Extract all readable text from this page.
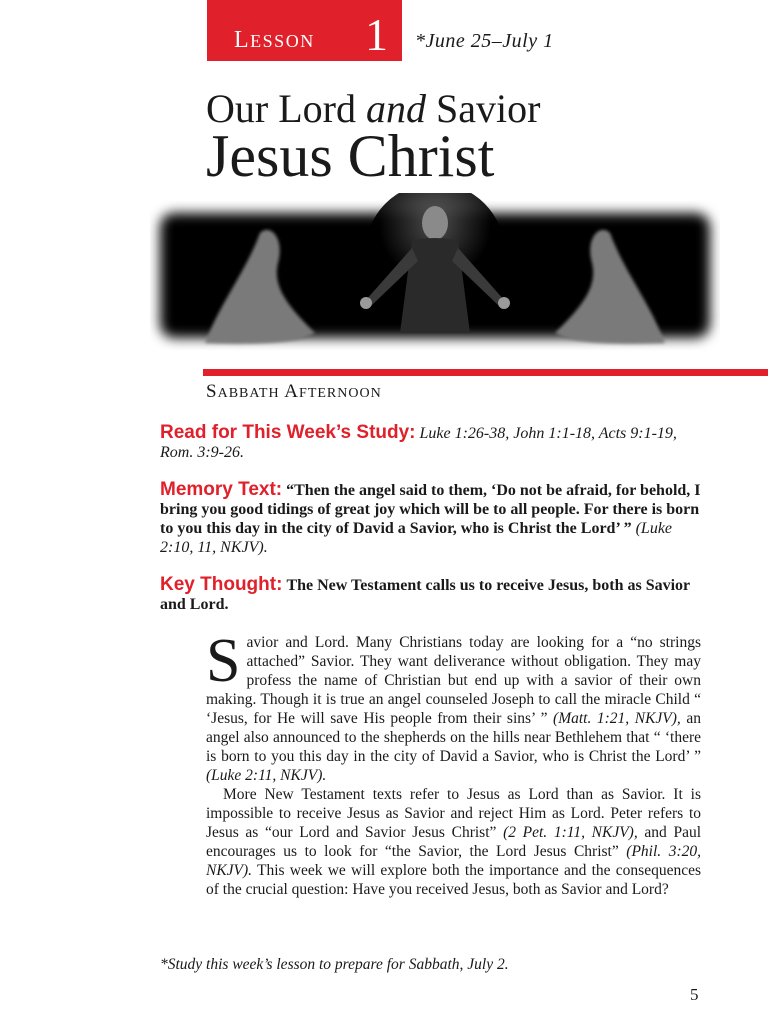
LESSON 1 *June 25–July 1
Our Lord and Savior
Jesus Christ
SABBATH AFTERNOON
Read for This Week’s Study: Luke 1:26-38, John 1:1-18, Acts 9:1-19, Rom. 3:9-26.
Memory Text: “Then the angel said to them, ‘Do not be afraid, for behold, I bring you good tidings of great joy which will be to all people. For there is born to you this day in the city of David a Savior, who is Christ the Lord’ ” (Luke 2:10, 11, NKJV).
Key Thought: The New Testament calls us to receive Jesus, both as Savior and Lord.

Savior and Lord. Many Christians today are looking for a “no strings attached” Savior. They want deliverance without obligation. They may profess the name of Christian but end up with a savior of their own making. Though it is true an angel counseled Joseph to call the miracle Child “ ‘Jesus, for He will save His people from their sins’ ” (Matt. 1:21, NKJV), an angel also announced to the shepherds on the hills near Bethlehem that “ ‘there is born to you this day in the city of David a Savior, who is Christ the Lord’ ” (Luke 2:11, NKJV).

More New Testament texts refer to Jesus as Lord than as Savior. It is impossible to receive Jesus as Savior and reject Him as Lord. Peter refers to Jesus as “our Lord and Savior Jesus Christ” (2 Pet. 1:11, NKJV), and Paul encourages us to look for “the Savior, the Lord Jesus Christ” (Phil. 3:20, NKJV). This week we will explore both the importance and the consequences of the crucial question: Have you received Jesus, both as Savior and Lord?

*Study this week’s lesson to prepare for Sabbath, July 2.
5
